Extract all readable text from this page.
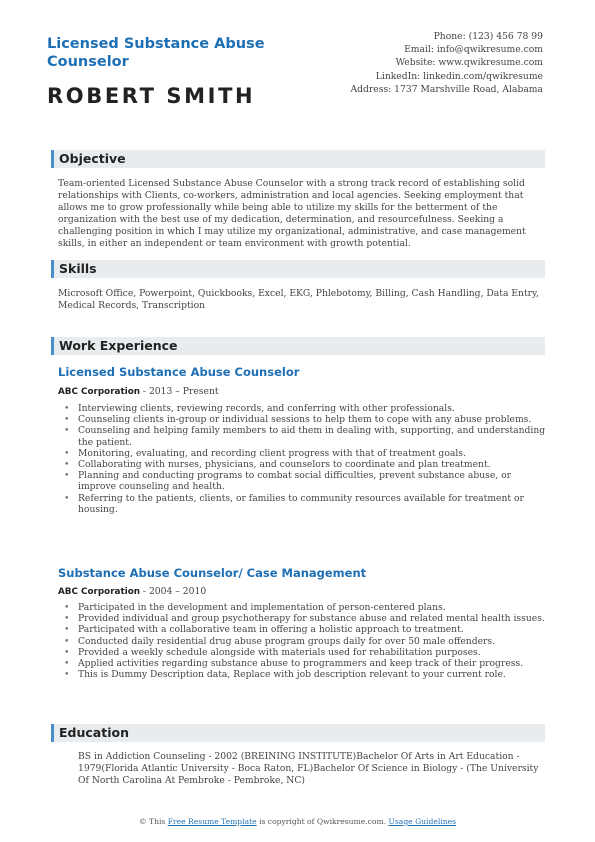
Licensed Substance Abuse Counselor
ROBERT SMITH
Phone: (123) 456 78 99
Email: info@qwikresume.com
Website: www.qwikresume.com
LinkedIn: linkedin.com/qwikresume
Address: 1737 Marshville Road, Alabama
Objective
Team-oriented Licensed Substance Abuse Counselor with a strong track record of establishing solid relationships with Clients, co-workers, administration and local agencies. Seeking employment that allows me to grow professionally while being able to utilize my skills for the betterment of the organization with the best use of my dedication, determination, and resourcefulness. Seeking a challenging position in which I may utilize my organizational, administrative, and case management skills, in either an independent or team environment with growth potential.
Skills
Microsoft Office, Powerpoint, Quickbooks, Excel, EKG, Phlebotomy, Billing, Cash Handling, Data Entry, Medical Records, Transcription
Work Experience
Licensed Substance Abuse Counselor
ABC Corporation - 2013 – Present
• Interviewing clients, reviewing records, and conferring with other professionals.
• Counseling clients in-group or individual sessions to help them to cope with any abuse problems.
• Counseling and helping family members to aid them in dealing with, supporting, and understanding the patient.
• Monitoring, evaluating, and recording client progress with that of treatment goals.
• Collaborating with nurses, physicians, and counselors to coordinate and plan treatment.
• Planning and conducting programs to combat social difficulties, prevent substance abuse, or improve counseling and health.
• Referring to the patients, clients, or families to community resources available for treatment or housing.
Substance Abuse Counselor/ Case Management
ABC Corporation - 2004 – 2010
• Participated in the development and implementation of person-centered plans.
• Provided individual and group psychotherapy for substance abuse and related mental health issues.
• Participated with a collaborative team in offering a holistic approach to treatment.
• Conducted daily residential drug abuse program groups daily for over 50 male offenders.
• Provided a weekly schedule alongside with materials used for rehabilitation purposes.
• Applied activities regarding substance abuse to programmers and keep track of their progress.
• This is Dummy Description data, Replace with job description relevant to your current role.
Education
BS in Addiction Counseling - 2002 (BREINING INSTITUTE)Bachelor Of Arts in Art Education - 1979(Florida Atlantic University - Boca Raton, FL)Bachelor Of Science in Biology - (The University Of North Carolina At Pembroke - Pembroke, NC)
© This Free Resume Template is copyright of Qwikresume.com. Usage Guidelines
